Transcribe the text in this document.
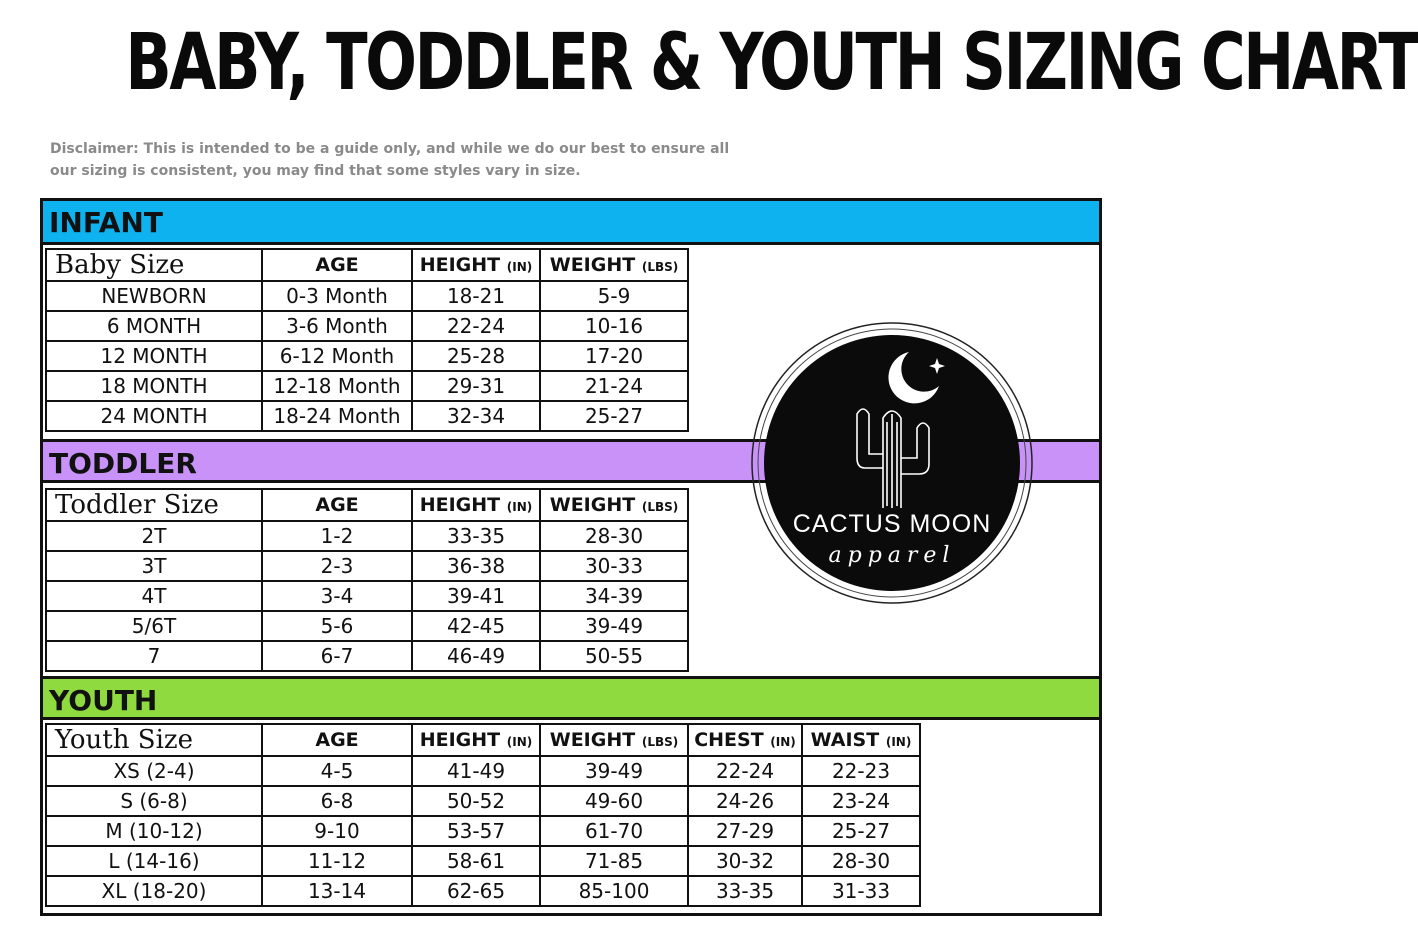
BABY, TODDLER & YOUTH SIZING CHART
Disclaimer: This is intended to be a guide only, and while we do our best to ensure all our sizing is consistent, you may find that some styles vary in size.
INFANT
Baby Size	AGE	HEIGHT (IN)	WEIGHT (LBS)
NEWBORN	0-3 Month	18-21	5-9
6 MONTH	3-6 Month	22-24	10-16
12 MONTH	6-12 Month	25-28	17-20
18 MONTH	12-18 Month	29-31	21-24
24 MONTH	18-24 Month	32-34	25-27
TODDLER
Toddler Size	AGE	HEIGHT (IN)	WEIGHT (LBS)
2T	1-2	33-35	28-30
3T	2-3	36-38	30-33
4T	3-4	39-41	34-39
5/6T	5-6	42-45	39-49
7	6-7	46-49	50-55
YOUTH
Youth Size	AGE	HEIGHT (IN)	WEIGHT (LBS)	CHEST (IN)	WAIST (IN)
XS (2-4)	4-5	41-49	39-49	22-24	22-23
S (6-8)	6-8	50-52	49-60	24-26	23-24
M (10-12)	9-10	53-57	61-70	27-29	25-27
L (14-16)	11-12	58-61	71-85	30-32	28-30
XL (18-20)	13-14	62-65	85-100	33-35	31-33
CACTUS MOON
apparel
